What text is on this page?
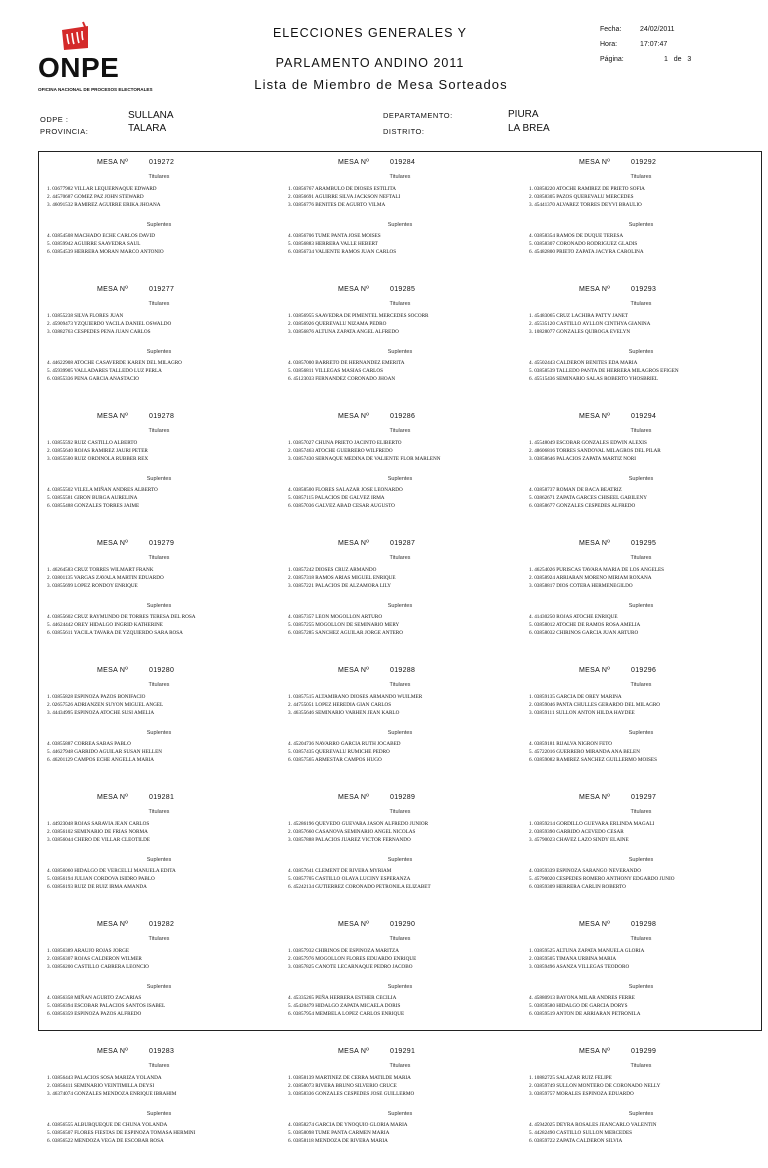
ONPE
OFICINA NACIONAL DE PROCESOS ELECTORALES
ELECCIONES GENERALES Y
PARLAMENTO ANDINO 2011
Lista de Miembro de Mesa Sorteados
Fecha:	24/02/2011
Hora:	17:07:47
Página:	1   de   3
ODPE :	SULLANA
PROVINCIA:	TALARA
DEPARTAMENTO:	PIURA
DISTRITO:	LA BREA
MESA Nº	019272
Titulares
1. 03677982 VILLAR LEQUERNAQUE EDWARD
2. 44570687 GOMEZ PAZ JOHN STEWARD
3. 46091532 RAMIREZ AGUIRRE ERIKA JHOANA
Suplentes
4. 03854508 MACHADO ECHE CARLOS DAVID
5. 03859942 AGUIRRE SAAVEDRA SAUL
6. 03854539 HERRERA MORAN MARCO ANTONIO
MESA Nº	019277
Titulares
1. 03855238 SILVA FLORES JUAN
2. 45909473 YZQUIERDO YACILA DANIEL OSWALDO
3. 03882763 CESPEDES PENA JUAN CARLOS
Suplentes
4. 44622908 ATOCHE CASAVERDE KAREN DEL MILAGRO
5. 45939905 VALLADARES TALLEDO LUZ PERLA
6. 03855336 PENA GARCIA ANASTACIO
MESA Nº	019278
Titulares
1. 03855592 RUIZ CASTILLO ALBERTO
2. 03855640 ROJAS RAMIREZ JAURI PETER
3. 03855500 RUIZ ORDINOLA RUBBER REX
Suplentes
4. 03855502 VILELA MIÑAN ANDRES ALBERTO
5. 03855581 GIRON BURGA AURELINA
6. 03855488 GONZALES TORRES JAIME
MESA Nº	019279
Titulares
1. 46264583 CRUZ TORRES WILMART FRANK
2. 03801135 VARGAS ZAVALA MARTIN EDUARDO
3. 03855699 LOPEZ RONDOY ENRIQUE
Suplentes
4. 03855602 CRUZ RAYMUNDO DE TORRES TERESA DEL ROSA
5. 44624442 OREY HIDALGO INGRID KATHERINE
6. 03855611 YACILA TAVARA DE YZQUIERDO SARA ROSA
MESA Nº	019280
Titulares
1. 03855828 ESPINOZA PAZOS BONIFACIO
2. 02657526 ADRIANZEN SUYON MIGUEL ANGEL
3. 44434995 ESPINOZA ATOCHE SUSI AMELIA
Suplentes
4. 03855887 CORREA SABAS PABLO
5. 44627948 GARRIDO AGUILAR SUSAN HELLEN
6. 46201129 CAMPOS ECHE ANGELLA MARIA
MESA Nº	019281
Titulares
1. 44923048 ROJAS SARAVIA JEAN CARLOS
2. 03856102 SEMINARIO DE FRIAS NORMA
3. 03856044 CHERO DE VILLAR CLEOTILDE
Suplentes
4. 03856060 HIDALGO DE VERCELLI MANUELA EDITA
5. 03856194 JULIAN CORDOVA ISIDRO PABLO
6. 03856193 RUIZ DE RUIZ IRMA AMANDA
MESA Nº	019282
Titulares
1. 03856389 ARAUJO ROJAS JORGE
2. 03856307 ROJAS CALDERON WILMER
3. 03856200 CASTILLO CABRERA LEONCIO
Suplentes
4. 03856358 MIÑAN AGURTO ZACARIAS
5. 03856394 ESCOBAR PALACIOS SANTOS ISABEL
6. 03856359 ESPINOZA PAZOS ALFREDO
MESA Nº	019283
Titulares
1. 03856443 PALACIOS SOSA MARIZA YOLANDA
2. 03856411 SEMINARIO VEINTIMILLA DEYSI
3. 46374074 GONZALES MENDOZA ENRIQUE IBRAHIM
Suplentes
4. 03856555 ALBURQUEQUE DE CHUNA YOLANDA
5. 03856507 FLORES FIESTAS DE ESPINOZA TOMASA HERMINI
6. 03856522 MENDOZA VEGA DE ESCOBAR ROSA
MESA Nº	019284
Titulares
1. 03856767 ARAMBULO DE DIOSES ESTILITA
2. 03856691 AGUIRRE SILVA JACKSON NEFTALI
3. 03856776 BENITES DE AGURTO VILMA
Suplentes
4. 03856706 TUME PANTA JOSE MOISES
5. 03856883 HERRERA VALLE HEBERT
6. 03856734 VALIENTE RAMOS JUAN CARLOS
MESA Nº	019285
Titulares
1. 03856955 SAAVEDRA DE PIMENTEL MERCEDES SOCORR
2. 03856926 QUEREVALU NIZAMA PEDRO
3. 03856876 ALTUNA ZAPATA ANGEL ALFREDO
Suplentes
4. 03857000 BARRETO DE HERNANDEZ EMERITA
5. 03856811 VILLEGAS MASIAS CARLOS
6. 45123033 FERNANDEZ CORONADO JHOAN
MESA Nº	019286
Titulares
1. 03857027 CHUNA PRIETO JACINTO ELIBERTO
2. 03857463 ATOCHE GUERRERO WILFREDO
3. 03857430 SERNAQUE MEDINA DE VALIENTE FLOR MARLENN
Suplentes
4. 03858500 FLORES SALAZAR JOSE LEONARDO
5. 03857115 PALACIOS DE GALVEZ IRMA
6. 03857036 GALVEZ ABAD CESAR AUGUSTO
MESA Nº	019287
Titulares
1. 03857242 DIOSES CRUZ ARMANDO
2. 03857318 RAMOS ARIAS MIGUEL ENRIQUE
3. 03857221 PALACIOS DE ALZAMORA LILY
Suplentes
4. 03857357 LEON MOGOLLON ARTURO
5. 03857255 MOGOLLON DE SEMINARIO MERY
6. 03857285 SANCHEZ AGUILAR JORGE ANTERO
MESA Nº	019288
Titulares
1. 03857515 ALTAMIRANO DIOSES ARMANDO WUILMER
2. 44755051 LOPEZ HEREDIA GIAN CARLOS
3. 46355646 SEMINARIO VARHEN JEAN KARLO
Suplentes
4. 45204736 NAVARRO GARCIA RUTH JOCABED
5. 03857435 QUEREVALU RUMICHE PEDRO
6. 03857565 ARMESTAR CAMPOS HUGO
MESA Nº	019289
Titulares
1. 45286196 QUEVEDO GUEVARA JASON ALFREDO JUNIOR
2. 03857660 CASANOVA SEMINARIO ANGEL NICOLAS
3. 03857888 PALACIOS JUAREZ VICTOR FERNANDO
Suplentes
4. 03857641 CLEMENT DE RIVERA MYRIAM
5. 03857705 CASTILLO OLAYA LUCINY ESPERANZA
6. 45242134 GUTIERREZ CORONADO PETRONILA ELIZABET
MESA Nº	019290
Titulares
1. 03857932 CHIRINOS DE ESPINOZA MARITZA
2. 03857976 MOGOLLON FLORES EDUARDO ENRIQUE
3. 03857825 CANOTE LECARNAQUE PEDRO JACOBO
Suplentes
4. 45335265 PEÑA HERRERA ESTHER CECILIA
5. 45420479 HIDALGO ZAPATA MICAELA DORIS
6. 03857954 MEMBELA LOPEZ CARLOS ENRIQUE
MESA Nº	019291
Titulares
1. 03858139 MARTINEZ DE CERRA MATILDE MARIA
2. 03858073 RIVERA BRUNO SILVERIO CRUCE
3. 03858336 GONZALES CESPEDES JOSE GUILLERMO
Suplentes
4. 03858274 GARCIA DE YNOQUIO GLORIA MARIA
5. 03858098 TUME PANTA CARMEN MARIA
6. 03858118 MENDOZA DE RIVERA MARIA
MESA Nº	019292
Titulares
1. 03858220 ATOCHE RAMIREZ DE PRIETO SOFIA
2. 03858305 PAZOS QUEREVALU MERCEDES
3. 45441370 ALVAREZ TORRES DEYVI BRAULIO
Suplentes
4. 03858354 RAMOS DE DUQUE TERESA
5. 03858307 CORONADO RODRIGUEZ GLADIS
6. 45482800 PRIETO ZAPATA JACYRA CAROLINA
MESA Nº	019293
Titulares
1. 45483065 CRUZ LACHIRA PATTY JANET
2. 45535120 CASTILLO AYLLON CINTHYA GIANINA
3. 10828077 GONZALES QUIROGA EVELYN
Suplentes
4. 45502443 CALDERON BENITES EDA MARIA
5. 03858539 TALLEDO PANTA DE HERRERA MILAGROS EFIGEN
6. 45515436 SEMINARIO SALAS ROBERTO YHOSBRIEL
MESA Nº	019294
Titulares
1. 45548049 ESCOBAR GONZALES EDWIN ALEXIS
2. 48606816 TORRES SANDOVAL MILAGROS DEL PILAR
3. 03858646 PALACIOS ZAPATA MARTIZ NORI
Suplentes
4. 03858737 ROMAN DE BACA BEATRIZ
5. 03862671 ZAPATA GARCES CHISEEL GABILENY
6. 03858677 GONZALES CESPEDES ALFREDO
MESA Nº	019295
Titulares
1. 46254026 PURISCAS TAVARA MARIA DE LOS ANGELES
2. 03858924 ARRIARAN MORENO MIRIAM ROXANA
3. 03858817 DIOS COTERA HERMENEGILDO
Suplentes
4. 41430250 ROJAS ATOCHE ENRIQUE
5. 03858012 ATOCHE DE RAMOS ROSA AMELIA
6. 03858032 CHIRINOS GARCIA JUAN ARTURO
MESA Nº	019296
Titulares
1. 03859135 GARCIA DE OREY MARINA
2. 03859046 PANTA CHULLES GERARDO DEL MILAGRO
3. 03859111 SULLON ANTON HILDA HAYDEE
Suplentes
4. 03859181 RIJALVA NIGRON FETO
5. 45722016 GUERRERO MIRANDA ANA BELEN
6. 03859082 RAMIREZ SANCHEZ GUILLERMO MOISES
MESA Nº	019297
Titulares
1. 03859214 GORDILLO GUEVARA ERLINDA MAGALI
2. 03859390 GARRIDO ACEVEDO CESAR
3. 45790023 CHAVEZ LAZO SINDY ELAINE
Suplentes
4. 03859339 ESPINOZA SARANGO NEVERANDO
5. 45790020 CESPEDES ROMERO ANTHONY EDGARDO JUNIO
6. 03859309 HERRERA CARLIN ROBERTO
MESA Nº	019298
Titulares
1. 03859525 ALTUNA ZAPATA MANUELA GLORIA
2. 03859505 TIMANA URBINA MARIA
3. 03859496 ASANZA VILLEGAS TEODORO
Suplentes
4. 45880913 BAYONA MILAR ANDRES FERRE
5. 03859580 HIDALGO DE GARCIA DORYS
6. 03859519 ANTON DE ARRIARAN PETRONILA
MESA Nº	019299
Titulares
1. 10882725 SALAZAR RUIZ FELIPE
2. 03859749 SULLON MONTERO DE CORONADO NELLY
3. 03859757 MORALES ESPINOZA EDUARDO
Suplentes
4. 45942025 DEYRA ROSALES JEANCARLO VALENTIN
5. 44282490 CASTILLO SULLON MERCEDES
6. 03859722 ZAPATA CALDERON SILVIA
